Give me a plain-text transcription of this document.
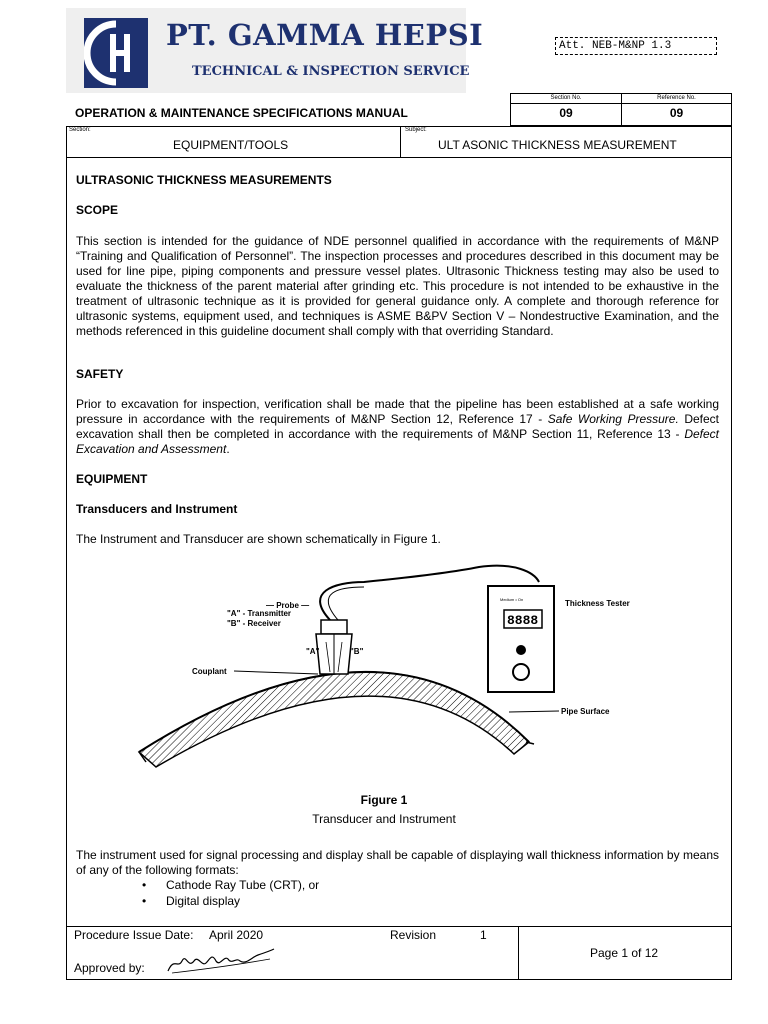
PT. GAMMA HEPSI
TECHNICAL & INSPECTION SERVICE
Att. NEB-M&NP 1.3
OPERATION & MAINTENANCE SPECIFICATIONS MANUAL
Section No.
09
Reference No.
09
Section:
EQUIPMENT/TOOLS
Subject:
ULT ASONIC THICKNESS MEASUREMENT
ULTRASONIC THICKNESS MEASUREMENTS
SCOPE
This section is intended for the guidance of NDE personnel qualified in accordance with the requirements of M&NP “Training and Qualification of Personnel”. The inspection processes and procedures described in this document may be used for line pipe, piping components and pressure vessel plates. Ultrasonic Thickness testing may also be used to evaluate the thickness of the parent material after grinding etc. This procedure is not intended to be exhaustive in the treatment of ultrasonic technique as it is provided for general guidance only. A complete and thorough reference for ultrasonic systems, equipment used, and techniques is ASME B&PV Section V – Nondestructive Examination, and the methods referenced in this guideline document shall comply with that overriding Standard.
SAFETY
Prior to excavation for inspection, verification shall be made that the pipeline has been established at a safe working pressure in accordance with the requirements of M&NP Section 12, Reference 17 - Safe Working Pressure. Defect excavation shall then be completed in accordance with the requirements of M&NP Section 11, Reference 13 - Defect Excavation and Assessment.
EQUIPMENT
Transducers and Instrument
The Instrument and Transducer are shown schematically in Figure 1.
Medium • On
8888
— Probe —
"A" - Transmitter
"B" - Receiver
"A"	"B"
Couplant
Thickness Tester
Pipe Surface
Figure 1
Transducer and Instrument
The instrument used for signal processing and display shall be capable of displaying wall thickness information by means of any of the following formats:
• Cathode Ray Tube (CRT), or
• Digital display
Procedure Issue Date: April 2020	Revision	1
Approved by:
Page 1 of 12
